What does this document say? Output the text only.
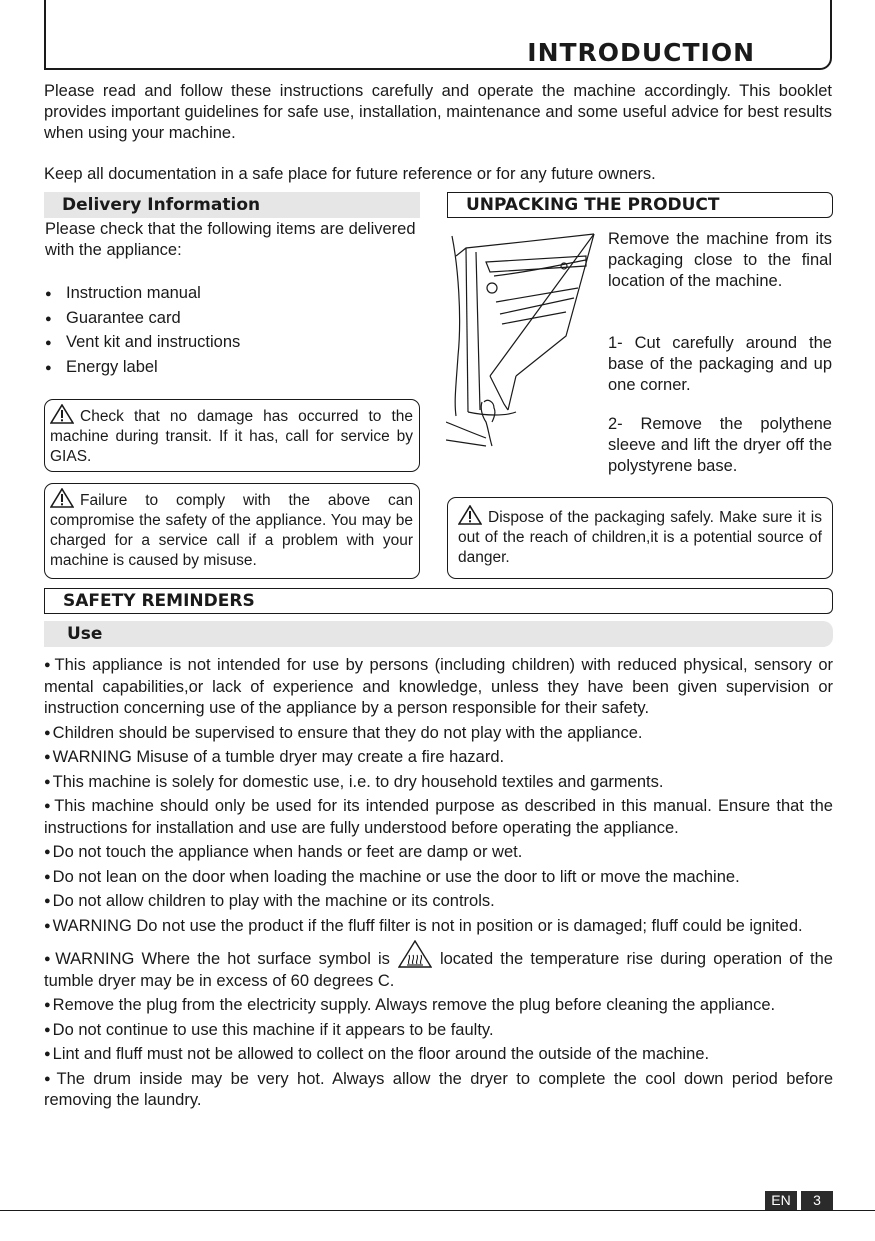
INTRODUCTION
Please read and follow these instructions carefully and operate the machine accordingly. This booklet provides important guidelines for safe use, installation, maintenance and some useful advice for best results when using your machine.
Keep all documentation in a safe place for future reference or for any future owners.
Delivery Information
Please check that the following items are delivered with the appliance:
● Instruction manual
● Guarantee card
● Vent kit and instructions
● Energy label
Check that no damage has occurred to the machine during transit. If it has, call for service by GIAS.
Failure to comply with the above can compromise the safety of the appliance. You may be charged for a service call if a problem with your machine is caused by misuse.
UNPACKING THE PRODUCT
Remove the machine from its packaging close to the final location of the machine.
1- Cut carefully around the base of the packaging and up one corner.
2- Remove the polythene sleeve and lift the dryer off the polystyrene base.
Dispose of the packaging safely. Make sure it is out of the reach of children,it is a potential source of danger.
SAFETY REMINDERS
Use
● This appliance is not intended for use by persons (including children) with reduced physical, sensory or mental capabilities,or lack of experience and knowledge, unless they have been given supervision or instruction concerning use of the appliance by a person responsible for their safety.
● Children should be supervised to ensure that they do not play with the appliance.
● WARNING Misuse of a tumble dryer may create a fire hazard.
● This machine is solely for domestic use, i.e. to dry household textiles and garments.
● This machine should only be used for its intended purpose as described in this manual. Ensure that the instructions for installation and use are fully understood before operating the appliance.
● Do not touch the appliance when hands or feet are damp or wet.
● Do not lean on the door when loading the machine or use the door to lift or move the machine.
● Do not allow children to play with the machine or its controls.
● WARNING Do not use the product if the fluff filter is not in position or is damaged; fluff could be ignited.
● WARNING Where the hot surface symbol is	located the temperature rise during operation of the tumble dryer may be in excess of 60 degrees C.
● Remove the plug from the electricity supply. Always remove the plug before cleaning the appliance.
● Do not continue to use this machine if it appears to be faulty.
● Lint and fluff must not be allowed to collect on the floor around the outside of the machine.
● The drum inside may be very hot. Always allow the dryer to complete the cool down period before removing the laundry.
EN	3
